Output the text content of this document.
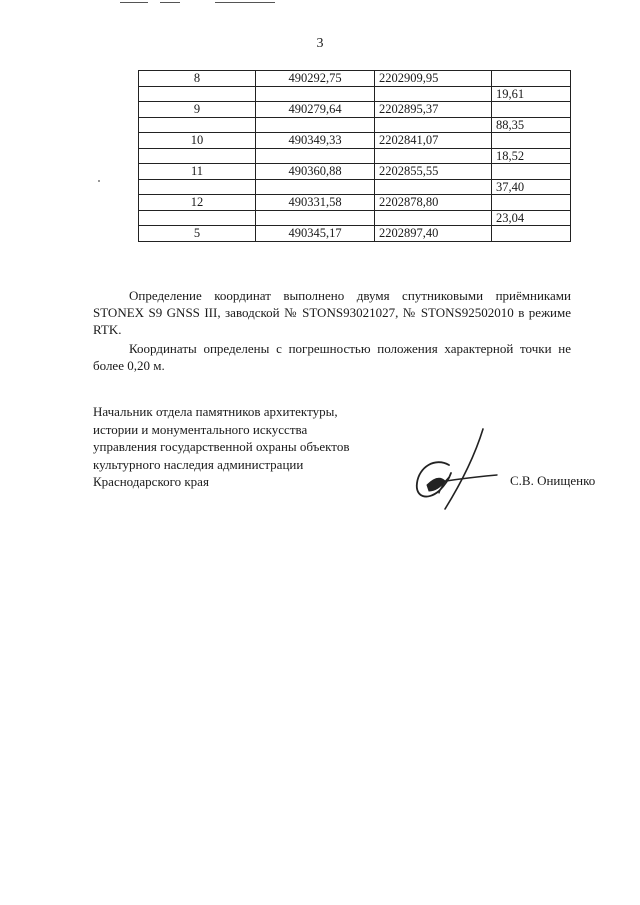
3
8	490292,75	2202909,95	
			19,61
9	490279,64	2202895,37	
			88,35
10	490349,33	2202841,07	
			18,52
11	490360,88	2202855,55	
			37,40
12	490331,58	2202878,80	
			23,04
5	490345,17	2202897,40	

Определение координат выполнено двумя спутниковыми приёмниками STONEX S9 GNSS III, заводской № STONS93021027, № STONS92502010 в режиме RTK.

Координаты определены с погрешностью положения характерной точки не более 0,20 м.

Начальник отдела памятников архитектуры,
истории и монументального искусства
управления государственной охраны объектов
культурного наследия администрации
Краснодарского края	С.В. Онищенко
